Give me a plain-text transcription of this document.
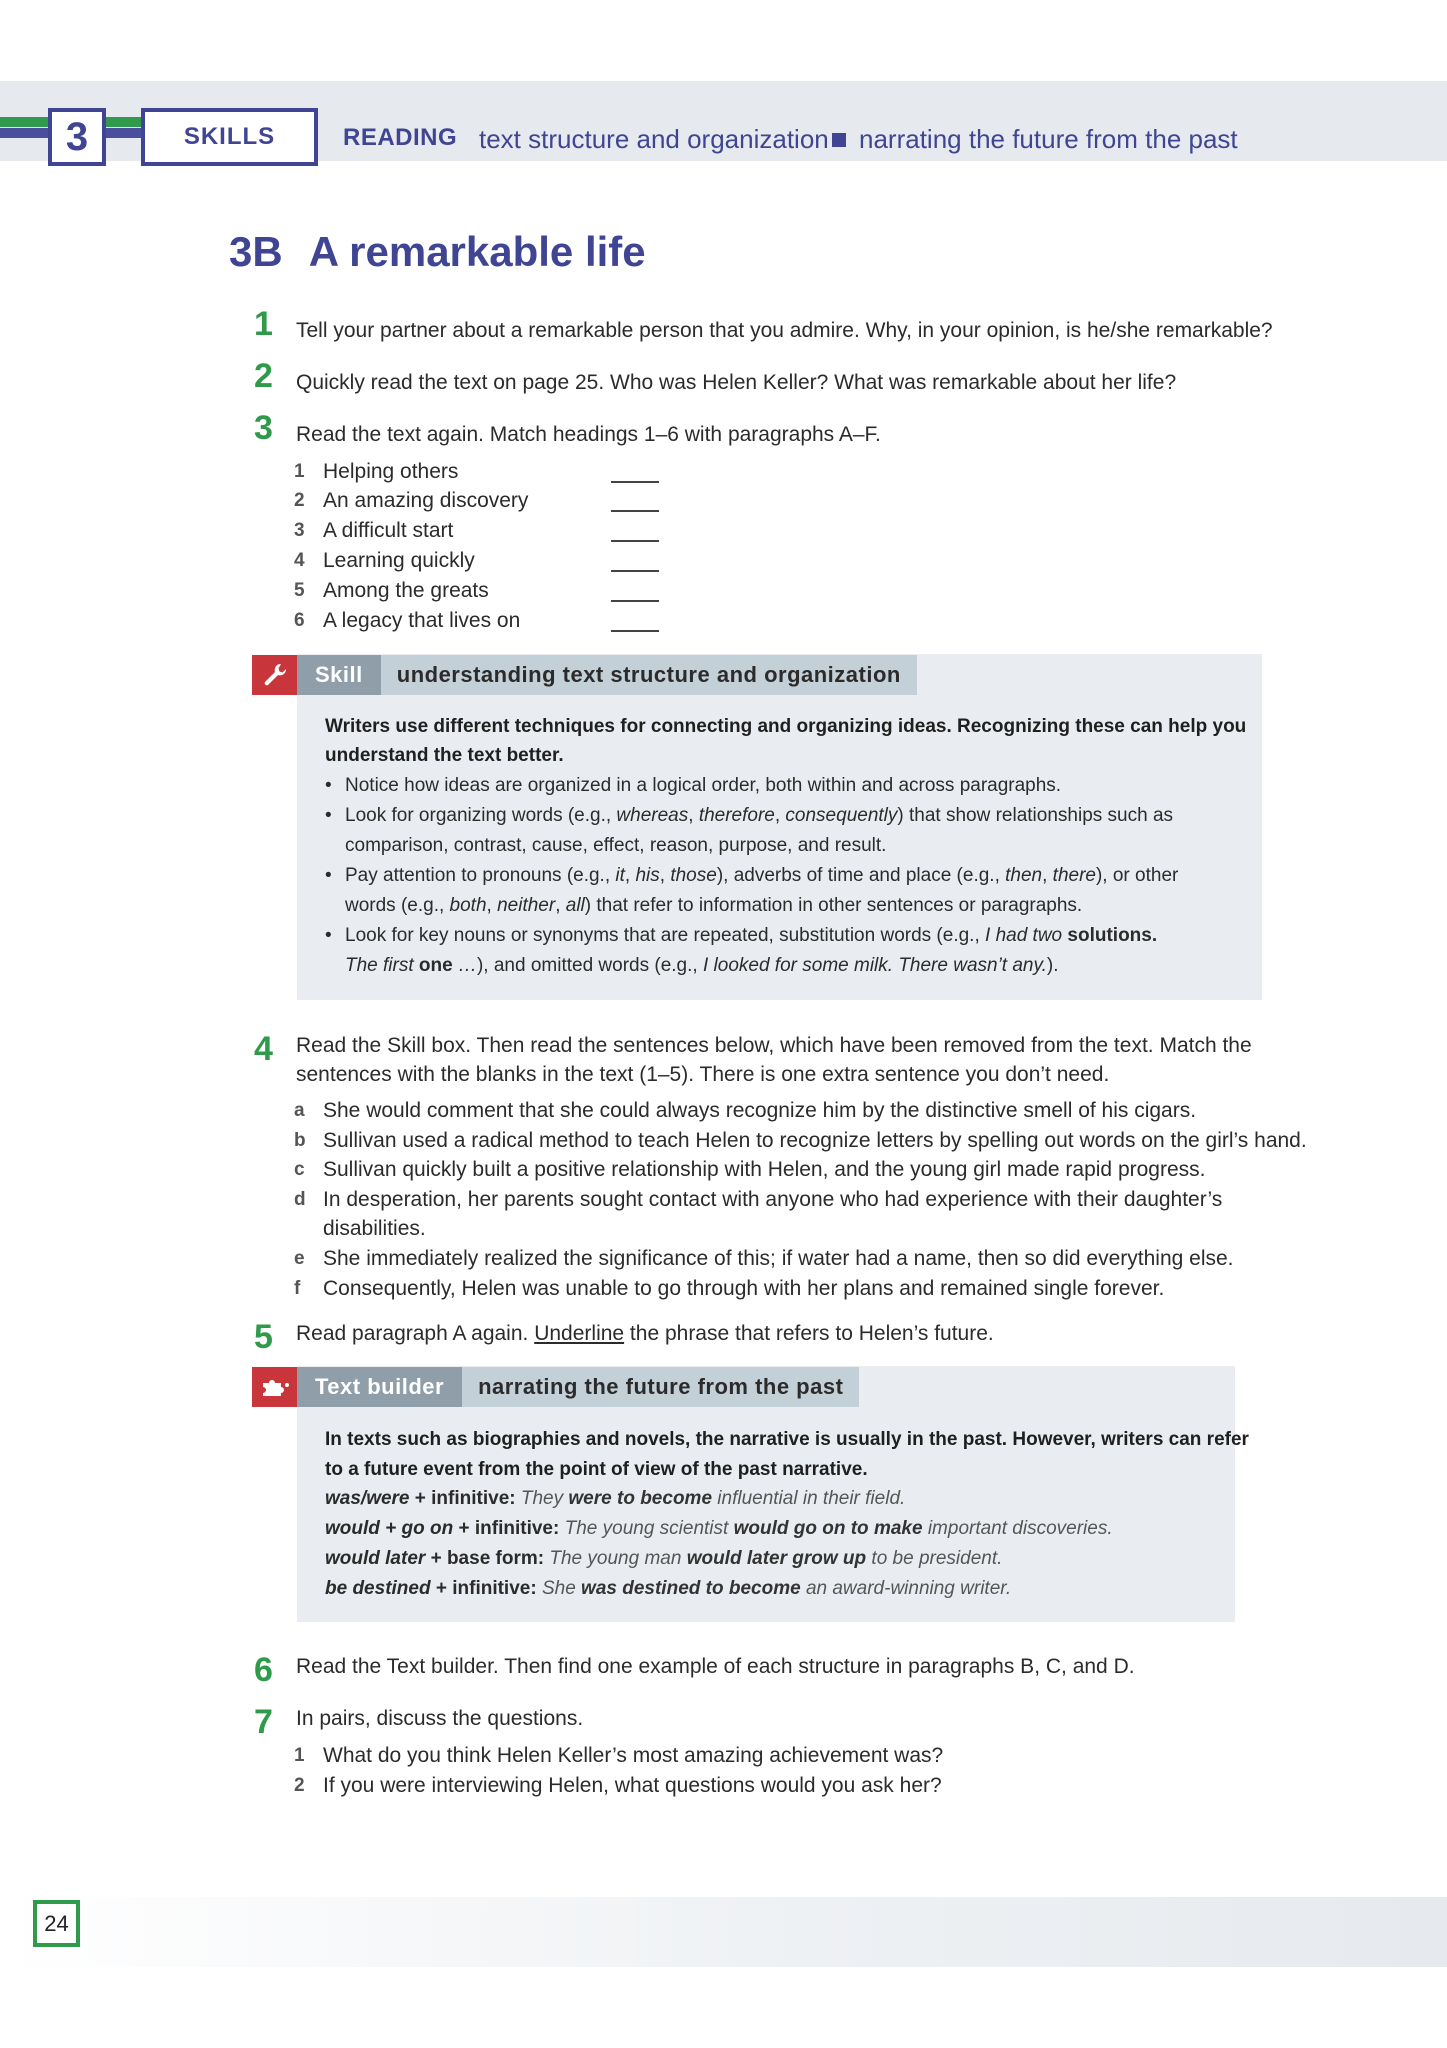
3	SKILLS	READING text structure and organization narrating the future from the past
3B A remarkable life
1	Tell your partner about a remarkable person that you admire. Why, in your opinion, is he/she remarkable?
2	Quickly read the text on page 25. Who was Helen Keller? What was remarkable about her life?
3	Read the text again. Match headings 1–6 with paragraphs A–F.
1 Helping others
2 An amazing discovery
3 A difficult start
4 Learning quickly
5 Among the greats
6 A legacy that lives on
Skill	understanding text structure and organization
Writers use different techniques for connecting and organizing ideas. Recognizing these can help you
understand the text better.
• Notice how ideas are organized in a logical order, both within and across paragraphs.
• Look for organizing words (e.g., whereas, therefore, consequently) that show relationships such as
comparison, contrast, cause, effect, reason, purpose, and result.
• Pay attention to pronouns (e.g., it, his, those), adverbs of time and place (e.g., then, there), or other
words (e.g., both, neither, all) that refer to information in other sentences or paragraphs.
• Look for key nouns or synonyms that are repeated, substitution words (e.g., I had two solutions.
The first one …), and omitted words (e.g., I looked for some milk. There wasn’t any.).
4	Read the Skill box. Then read the sentences below, which have been removed from the text. Match the
sentences with the blanks in the text (1–5). There is one extra sentence you don’t need.
a She would comment that she could always recognize him by the distinctive smell of his cigars.
b Sullivan used a radical method to teach Helen to recognize letters by spelling out words on the girl’s hand.
c Sullivan quickly built a positive relationship with Helen, and the young girl made rapid progress.
d In desperation, her parents sought contact with anyone who had experience with their daughter’s
disabilities.
e She immediately realized the significance of this; if water had a name, then so did everything else.
f Consequently, Helen was unable to go through with her plans and remained single forever.
5	Read paragraph A again. Underline the phrase that refers to Helen’s future.
Text builder	narrating the future from the past
In texts such as biographies and novels, the narrative is usually in the past. However, writers can refer
to a future event from the point of view of the past narrative.
was/were + infinitive: They were to become influential in their field.
would + go on + infinitive: The young scientist would go on to make important discoveries.
would later + base form: The young man would later grow up to be president.
be destined + infinitive: She was destined to become an award-winning writer.
6	Read the Text builder. Then find one example of each structure in paragraphs B, C, and D.
7	In pairs, discuss the questions.
1 What do you think Helen Keller’s most amazing achievement was?
2 If you were interviewing Helen, what questions would you ask her?
24
